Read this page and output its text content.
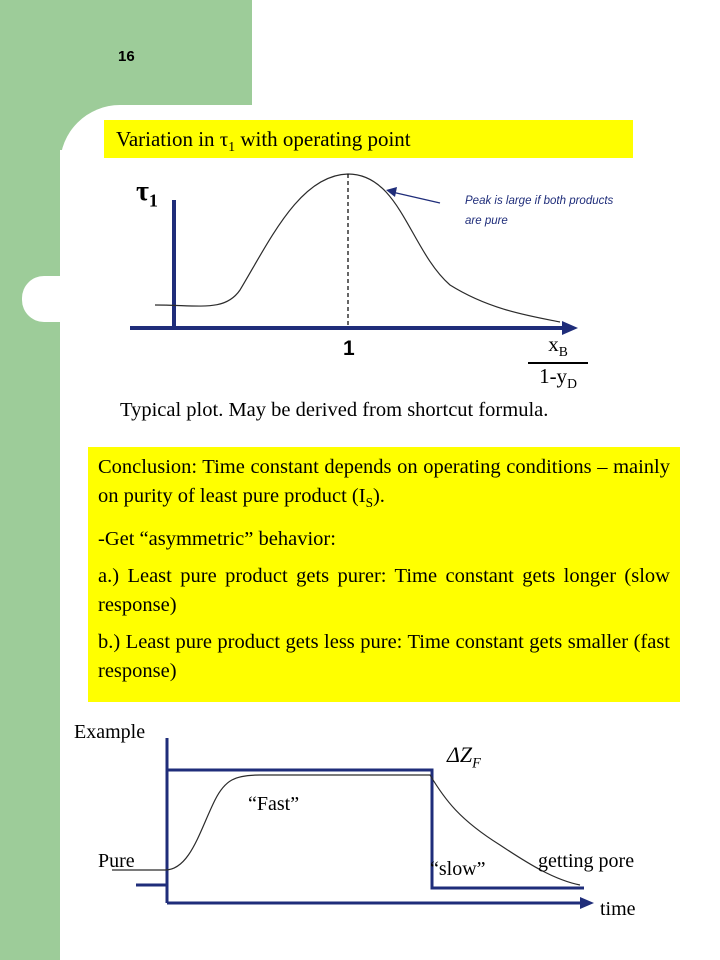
16
Variation in $\tau_1$ with operating point
$\tau_1$	Peak is large if both products are pure
1	$\frac{x_B}{1-y_D}$
Typical plot. May be derived from shortcut formula.

Conclusion: Time constant depends on operating conditions – mainly on purity of least pure product $(I_S)$.

-Get “asymmetric” behavior:

a.) Least pure product gets purer: Time constant gets longer (slow response)

b.) Least pure product gets less pure: Time constant gets smaller (fast response)

Example
$\Delta Z_F$
“Fast”
Pure	“slow”	getting pore
time
